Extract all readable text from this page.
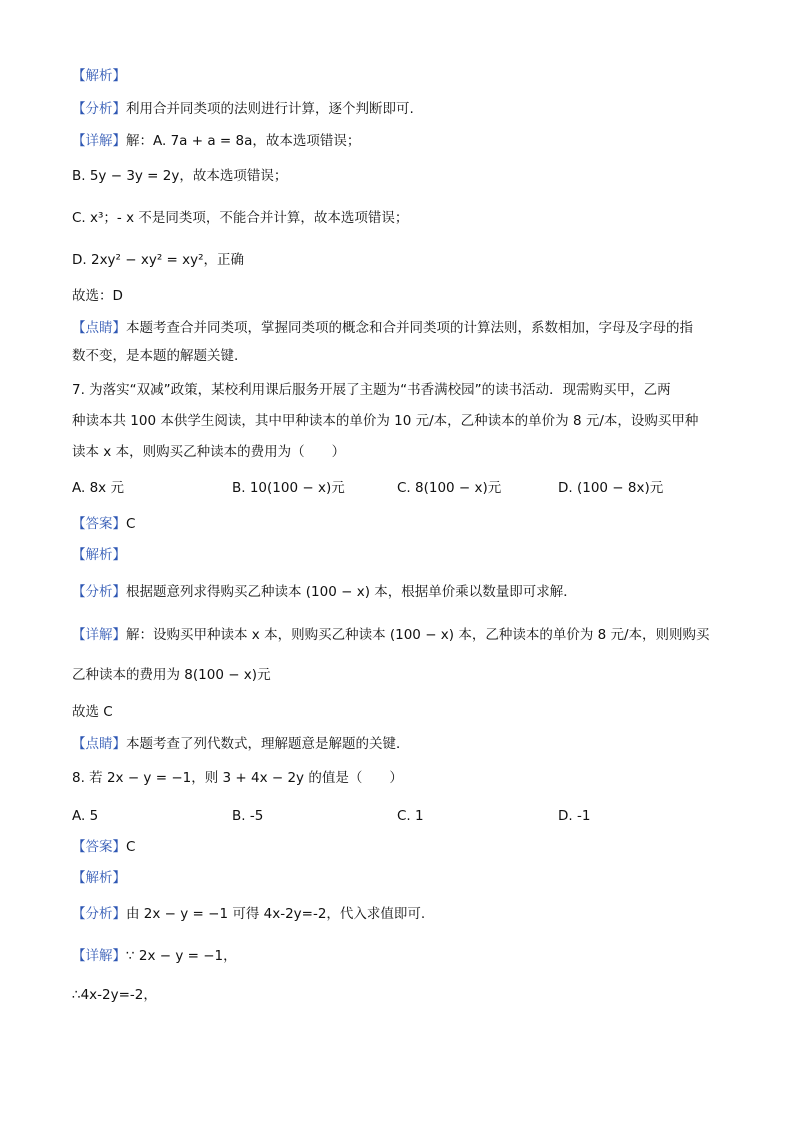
【解析】
【分析】利用合并同类项的法则进行计算，逐个判断即可.
【详解】解：A. 7a + a = 8a，故本选项错误；
B. 5y − 3y = 2y，故本选项错误；
C. x³；- x 不是同类项，不能合并计算，故本选项错误；
D. 2xy² − xy² = xy²，正确
故选：D
【点睛】本题考查合并同类项，掌握同类项的概念和合并同类项的计算法则，系数相加，字母及字母的指
数不变，是本题的解题关键.
7. 为落实“双减”政策，某校利用课后服务开展了主题为“书香满校园”的读书活动．现需购买甲，乙两
种读本共 100 本供学生阅读，其中甲种读本的单价为 10 元/本，乙种读本的单价为 8 元/本，设购买甲种
读本 x 本，则购买乙种读本的费用为（　　）
A. 8x 元	B. 10(100 − x)元	C. 8(100 − x)元	D. (100 − 8x)元
【答案】C
【解析】
【分析】根据题意列求得购买乙种读本 (100 − x) 本，根据单价乘以数量即可求解．
【详解】解：设购买甲种读本 x 本，则购买乙种读本 (100 − x) 本，乙种读本的单价为 8 元/本，则则购买
乙种读本的费用为 8(100 − x)元
故选 C
【点睛】本题考查了列代数式，理解题意是解题的关键．
8. 若 2x − y = −1，则 3 + 4x − 2y 的值是（　　）
A. 5	B. -5	C. 1	D. -1
【答案】C
【解析】
【分析】由 2x − y = −1 可得 4x-2y=-2，代入求值即可.
【详解】∵ 2x − y = −1，
∴4x-2y=-2，
